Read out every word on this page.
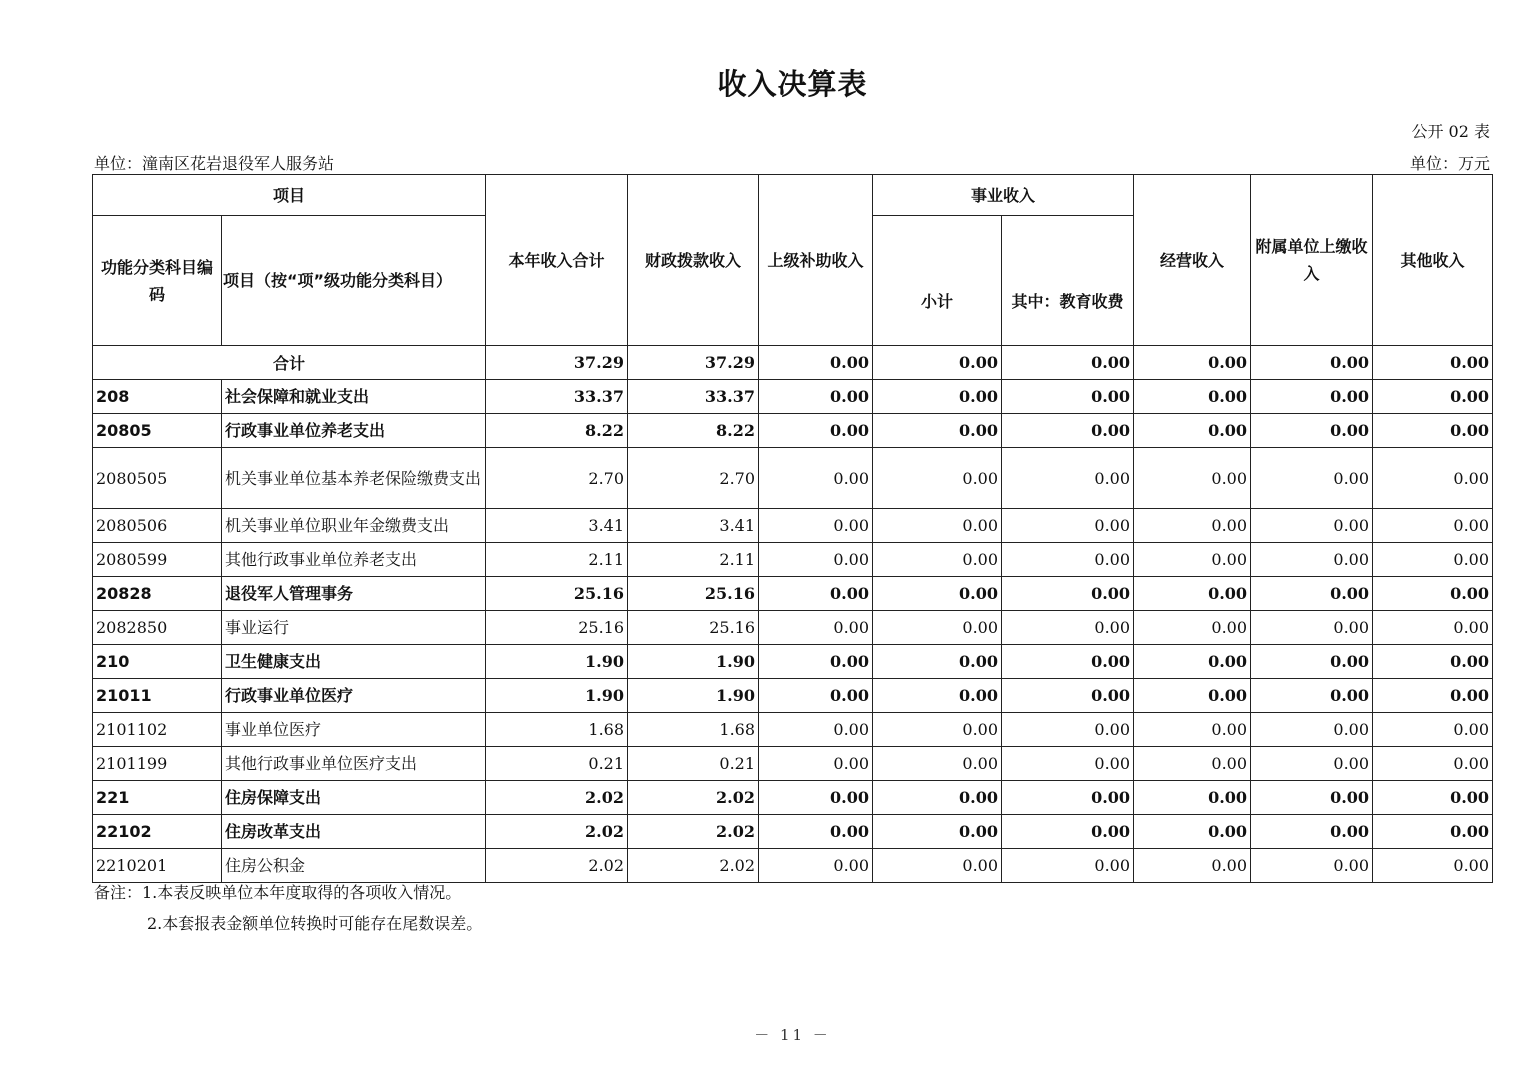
收入决算表
公开 02 表
单位：潼南区花岩退役军人服务站	单位：万元
项目		本年收入合计	财政拨款收入	上级补助收入	事业收入		经营收入	附属单位上缴收入	其他收入
功能分类科目编码	项目（按“项”级功能分类科目）				小计	其中：教育收费			
合计		37.29	37.29	0.00	0.00	0.00	0.00	0.00	0.00
208	社会保障和就业支出	33.37	33.37	0.00	0.00	0.00	0.00	0.00	0.00
20805	行政事业单位养老支出	8.22	8.22	0.00	0.00	0.00	0.00	0.00	0.00
2080505	机关事业单位基本养老保险缴费支出	2.70	2.70	0.00	0.00	0.00	0.00	0.00	0.00
2080506	机关事业单位职业年金缴费支出	3.41	3.41	0.00	0.00	0.00	0.00	0.00	0.00
2080599	其他行政事业单位养老支出	2.11	2.11	0.00	0.00	0.00	0.00	0.00	0.00
20828	退役军人管理事务	25.16	25.16	0.00	0.00	0.00	0.00	0.00	0.00
2082850	事业运行	25.16	25.16	0.00	0.00	0.00	0.00	0.00	0.00
210	卫生健康支出	1.90	1.90	0.00	0.00	0.00	0.00	0.00	0.00
21011	行政事业单位医疗	1.90	1.90	0.00	0.00	0.00	0.00	0.00	0.00
2101102	事业单位医疗	1.68	1.68	0.00	0.00	0.00	0.00	0.00	0.00
2101199	其他行政事业单位医疗支出	0.21	0.21	0.00	0.00	0.00	0.00	0.00	0.00
221	住房保障支出	2.02	2.02	0.00	0.00	0.00	0.00	0.00	0.00
22102	住房改革支出	2.02	2.02	0.00	0.00	0.00	0.00	0.00	0.00
2210201	住房公积金	2.02	2.02	0.00	0.00	0.00	0.00	0.00	0.00
备注：1.本表反映单位本年度取得的各项收入情况。
2.本套报表金额单位转换时可能存在尾数误差。
－ 11 －
